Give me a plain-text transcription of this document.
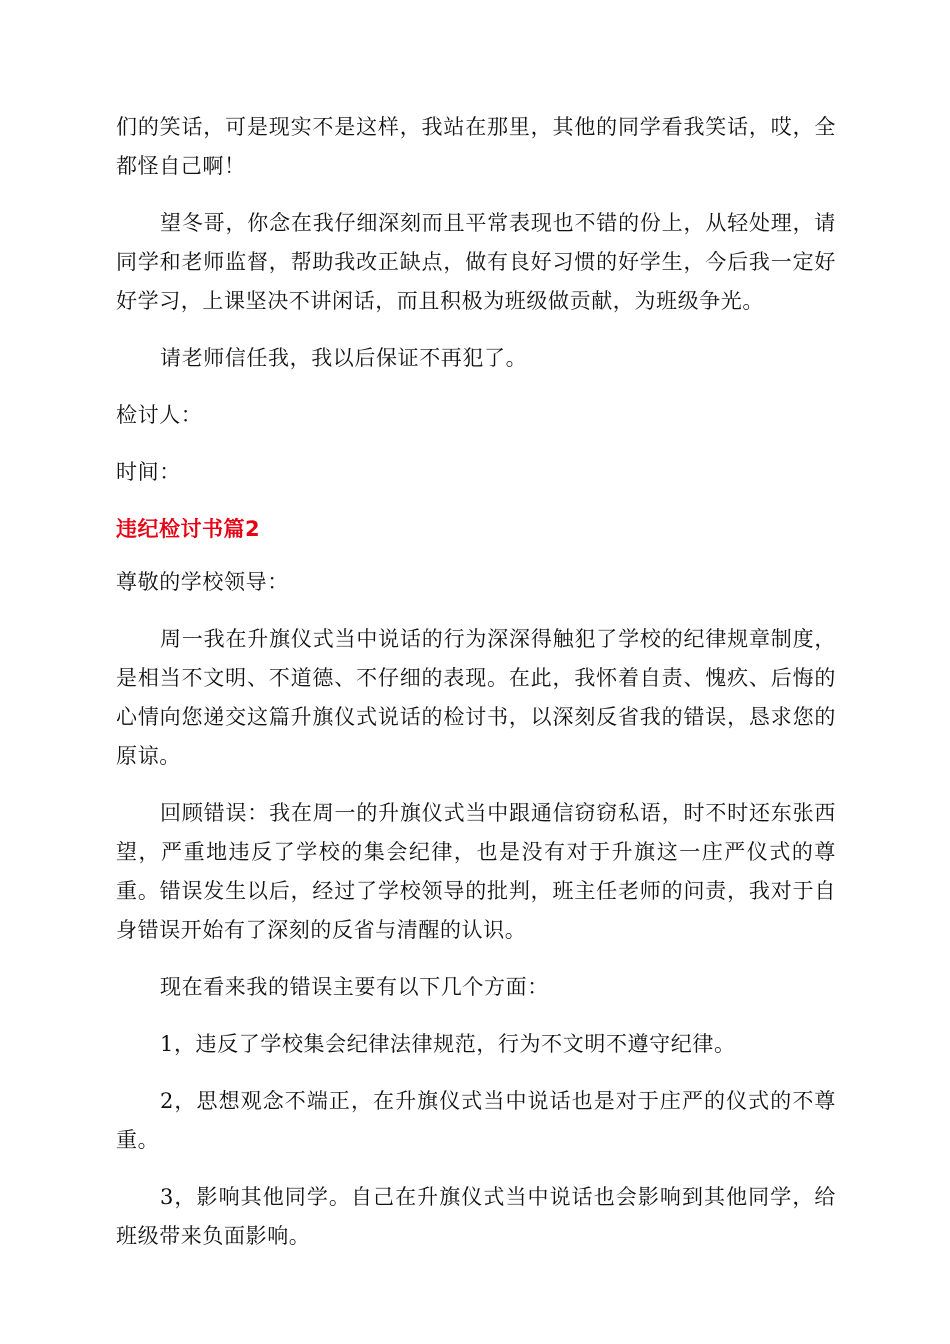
们的笑话，可是现实不是这样，我站在那里，其他的同学看我笑话，哎，全都怪自己啊！

望冬哥，你念在我仔细深刻而且平常表现也不错的份上，从轻处理，请同学和老师监督，帮助我改正缺点，做有良好习惯的好学生，今后我一定好好学习，上课坚决不讲闲话，而且积极为班级做贡献，为班级争光。

请老师信任我，我以后保证不再犯了。

检讨人：

时间：

违纪检讨书篇2

尊敬的学校领导：

周一我在升旗仪式当中说话的行为深深得触犯了学校的纪律规章制度，是相当不文明、不道德、不仔细的表现。在此，我怀着自责、愧疚、后悔的心情向您递交这篇升旗仪式说话的检讨书，以深刻反省我的错误，恳求您的原谅。

回顾错误：我在周一的升旗仪式当中跟通信窃窃私语，时不时还东张西望，严重地违反了学校的集会纪律，也是没有对于升旗这一庄严仪式的尊重。错误发生以后，经过了学校领导的批判，班主任老师的问责，我对于自身错误开始有了深刻的反省与清醒的认识。

现在看来我的错误主要有以下几个方面：

1，违反了学校集会纪律法律规范，行为不文明不遵守纪律。

2，思想观念不端正，在升旗仪式当中说话也是对于庄严的仪式的不尊重。

3，影响其他同学。自己在升旗仪式当中说话也会影响到其他同学，给班级带来负面影响。
